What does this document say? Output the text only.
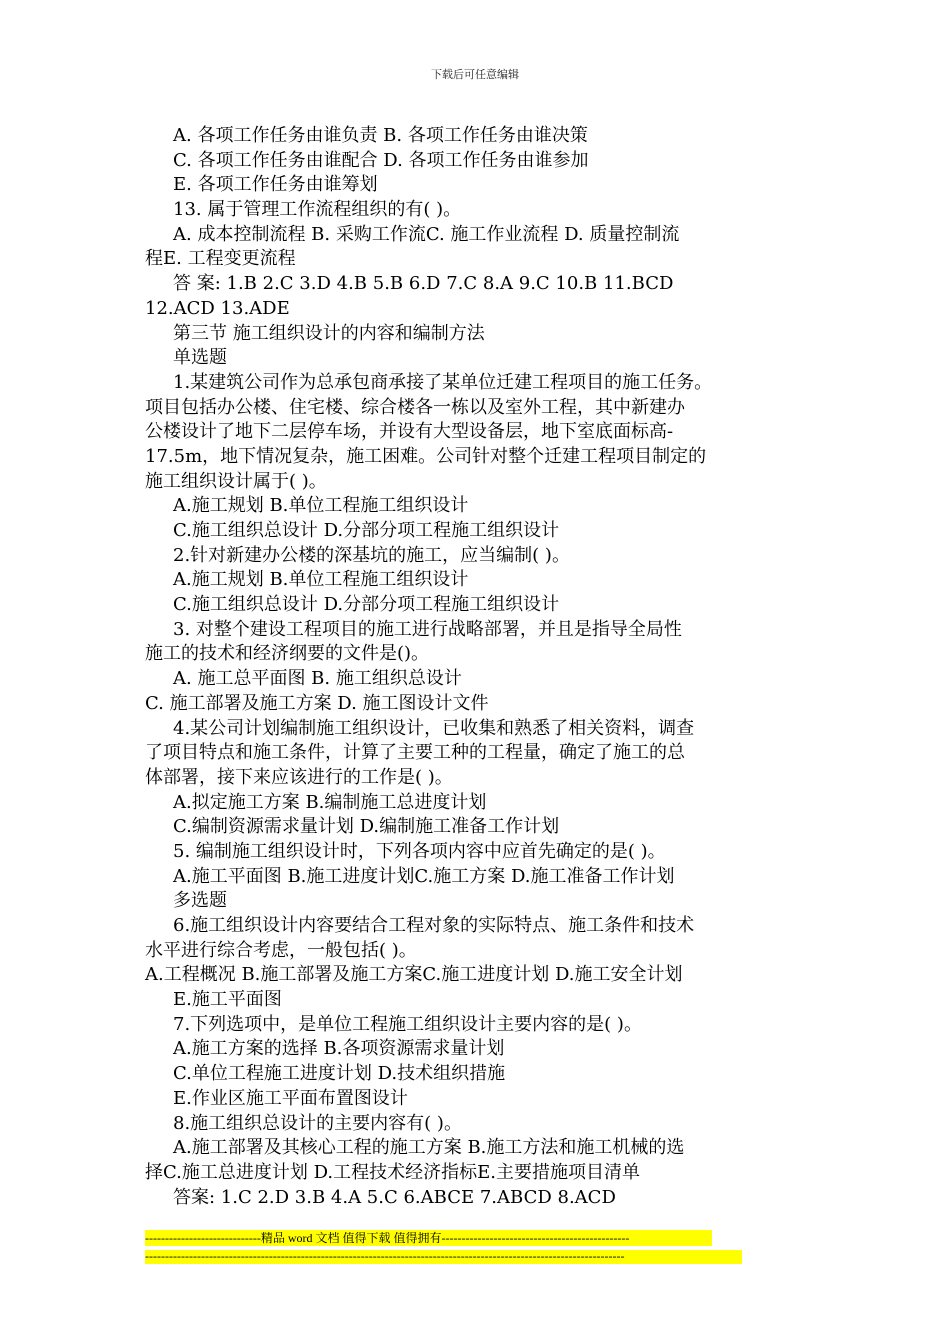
下载后可任意编辑
A. 各项工作任务由谁负责 B. 各项工作任务由谁决策
C. 各项工作任务由谁配合 D. 各项工作任务由谁参加
E. 各项工作任务由谁筹划
13. 属于管理工作流程组织的有( )。
A. 成本控制流程 B. 采购工作流C. 施工作业流程 D. 质量控制流
程E. 工程变更流程
答 案: 1.B 2.C 3.D 4.B 5.B 6.D 7.C 8.A 9.C 10.B 11.BCD
12.ACD 13.ADE
第三节 施工组织设计的内容和编制方法
单选题
1.某建筑公司作为总承包商承接了某单位迁建工程项目的施工任务。
项目包括办公楼、住宅楼、综合楼各一栋以及室外工程，其中新建办
公楼设计了地下二层停车场，并设有大型设备层，地下室底面标高-
17.5m，地下情况复杂，施工困难。公司针对整个迁建工程项目制定的
施工组织设计属于( )。
A.施工规划 B.单位工程施工组织设计
C.施工组织总设计 D.分部分项工程施工组织设计
2.针对新建办公楼的深基坑的施工，应当编制( )。
A.施工规划 B.单位工程施工组织设计
C.施工组织总设计 D.分部分项工程施工组织设计
3. 对整个建设工程项目的施工进行战略部署，并且是指导全局性
施工的技术和经济纲要的文件是()。
A. 施工总平面图 B. 施工组织总设计
C. 施工部署及施工方案 D. 施工图设计文件
4.某公司计划编制施工组织设计，已收集和熟悉了相关资料，调查
了项目特点和施工条件，计算了主要工种的工程量，确定了施工的总
体部署，接下来应该进行的工作是( )。
A.拟定施工方案 B.编制施工总进度计划
C.编制资源需求量计划 D.编制施工准备工作计划
5. 编制施工组织设计时，下列各项内容中应首先确定的是( )。
A.施工平面图 B.施工进度计划C.施工方案 D.施工准备工作计划
多选题
6.施工组织设计内容要结合工程对象的实际特点、施工条件和技术
水平进行综合考虑，一般包括( )。
A.工程概况 B.施工部署及施工方案C.施工进度计划 D.施工安全计划
E.施工平面图
7.下列选项中，是单位工程施工组织设计主要内容的是( )。
A.施工方案的选择 B.各项资源需求量计划
C.单位工程施工进度计划 D.技术组织措施
E.作业区施工平面布置图设计
8.施工组织总设计的主要内容有( )。
A.施工部署及其核心工程的施工方案 B.施工方法和施工机械的选
择C.施工总进度计划 D.工程技术经济指标E.主要措施项目清单
答案: 1.C 2.D 3.B 4.A 5.C 6.ABCE 7.ABCD 8.ACD
-----------------------------精品 word 文档 值得下载 值得拥有-----------------------------------------------
------------------------------------------------------------------------------------------------------------------------
